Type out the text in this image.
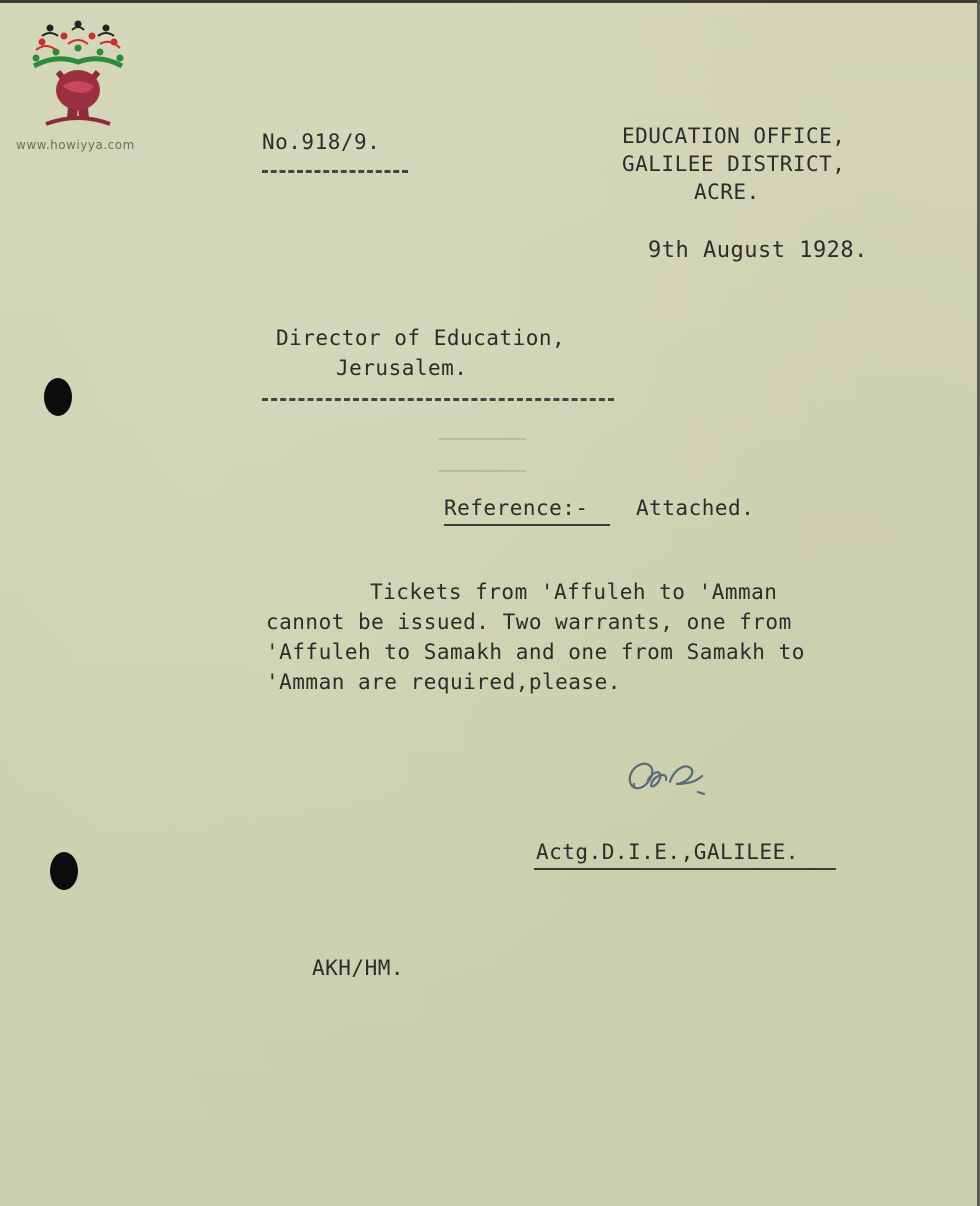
www.howiyya.com	No.918/9.	EDUCATION OFFICE,
GALILEE DISTRICT,
ACRE.
9th August 1928.
Director of Education,
Jerusalem.
Reference:- Attached.
Tickets from 'Affuleh to 'Amman
cannot be issued. Two warrants, one from
'Affuleh to Samakh and one from Samakh to
'Amman are required,please.
Actg.D.I.E.,GALILEE.
AKH/HM.
